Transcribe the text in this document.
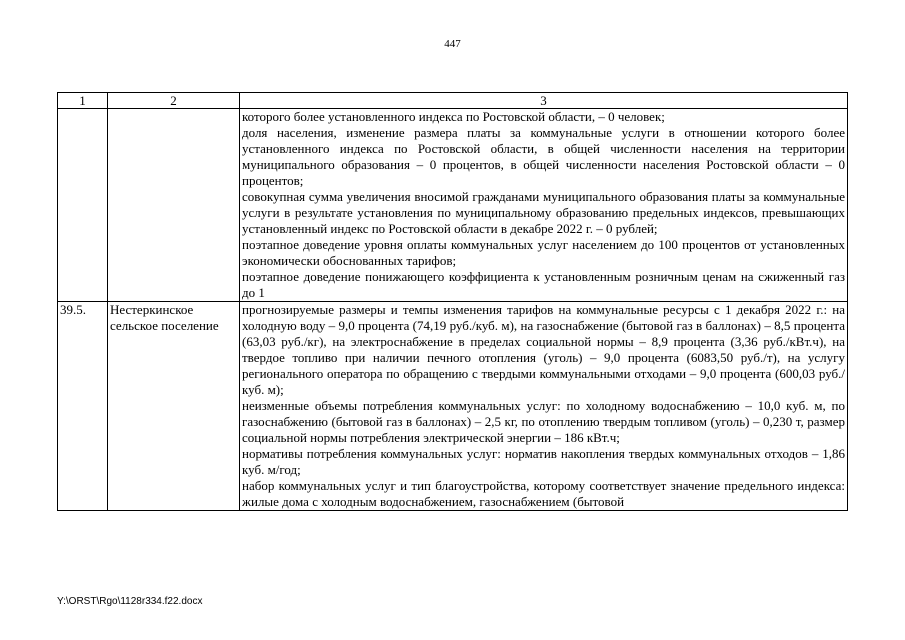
447
1	2	3

		которого более установленного индекса по Ростовской области, – 0 человек;
доля населения, изменение размера платы за коммунальные услуги в отношении которого более установленного индекса по Ростовской области, в общей численности населения на территории муниципального образования – 0 процентов, в общей численности населения Ростовской области – 0 процентов;
совокупная сумма увеличения вносимой гражданами муниципального образования платы за коммунальные услуги в результате установления по муниципальному образованию предельных индексов, превышающих установленный индекс по Ростовской области в декабре 2022 г. – 0 рублей;
поэтапное доведение уровня оплаты коммунальных услуг населением до 100 процентов от установленных экономически обоснованных тарифов;
поэтапное доведение понижающего коэффициента к установленным розничным ценам на сжиженный газ до 1

39.5.	Нестеркинское сельское поселение	прогнозируемые размеры и темпы изменения тарифов на коммунальные ресурсы с 1 декабря 2022 г.: на холодную воду – 9,0 процента (74,19 руб./куб. м), на газоснабжение (бытовой газ в баллонах) – 8,5 процента (63,03 руб./кг), на электроснабжение в пределах социальной нормы – 8,9 процента (3,36 руб./кВт.ч), на твердое топливо при наличии печного отопления (уголь) – 9,0 процента (6083,50 руб./т), на услугу регионального оператора по обращению с твердыми коммунальными отходами – 9,0 процента (600,03 руб./куб. м);
неизменные объемы потребления коммунальных услуг: по холодному водоснабжению – 10,0 куб. м, по газоснабжению (бытовой газ в баллонах) – 2,5 кг, по отоплению твердым топливом (уголь) – 0,230 т, размер социальной нормы потребления электрической энергии – 186 кВт.ч;
нормативы потребления коммунальных услуг: норматив накопления твердых коммунальных отходов – 1,86 куб. м/год;
набор коммунальных услуг и тип благоустройства, которому соответствует значение предельного индекса: жилые дома с холодным водоснабжением, газоснабжением (бытовой
Y:\ORST\Rgo\1128r334.f22.docx
